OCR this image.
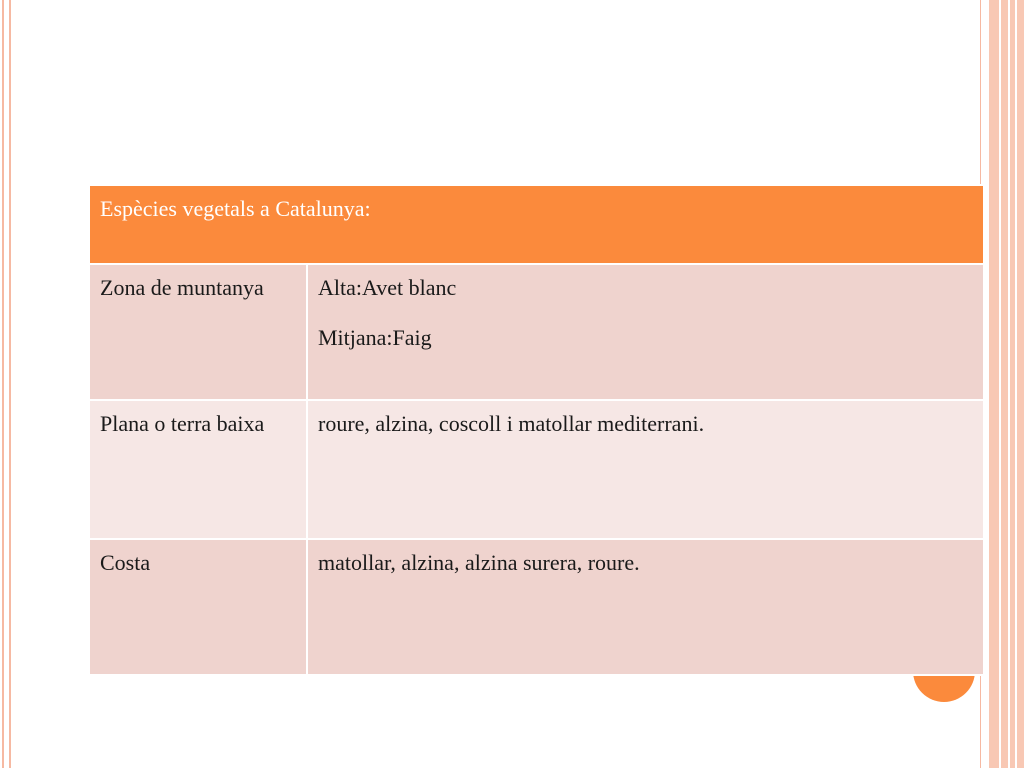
Espècies vegetals a Catalunya:	
Zona de muntanya	Alta:Avet blanc
Mitjana:Faig

Plana o terra baixa	roure, alzina, coscoll i matollar mediterrani.

Costa	matollar, alzina, alzina surera, roure.
